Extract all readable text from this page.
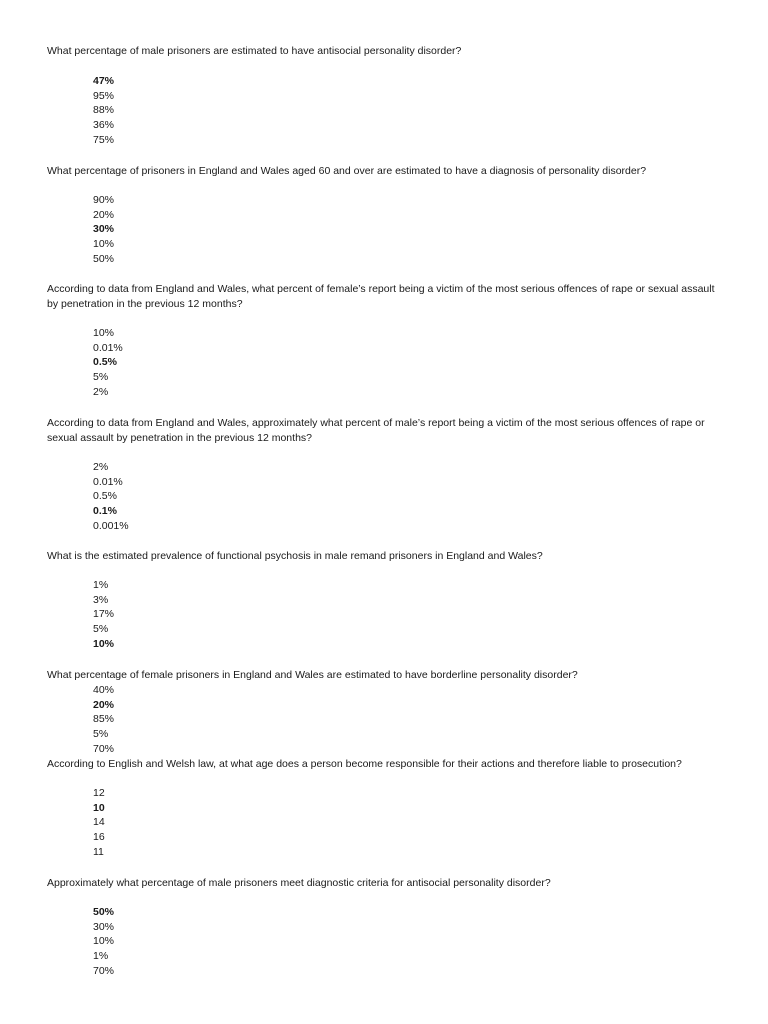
What percentage of male prisoners are estimated to have antisocial personality disorder?

47%
95%
88%
36%
75%

What percentage of prisoners in England and Wales aged 60 and over are estimated to have a diagnosis of personality disorder?

90%
20%
30%
10%
50%

According to data from England and Wales, what percent of female’s report being a victim of the most serious offences of rape or sexual assault by penetration in the previous 12 months?

10%
0.01%
0.5%
5%
2%

According to data from England and Wales, approximately what percent of male’s report being a victim of the most serious offences of rape or sexual assault by penetration in the previous 12 months?

2%
0.01%
0.5%
0.1%
0.001%

What is the estimated prevalence of functional psychosis in male remand prisoners in England and Wales?

1%
3%
17%
5%
10%

What percentage of female prisoners in England and Wales are estimated to have borderline personality disorder?

40%
20%
85%
5%
70%

According to English and Welsh law, at what age does a person become responsible for their actions and therefore liable to prosecution?

12
10
14
16
11

Approximately what percentage of male prisoners meet diagnostic criteria for antisocial personality disorder?

50%
30%
10%
1%
70%
